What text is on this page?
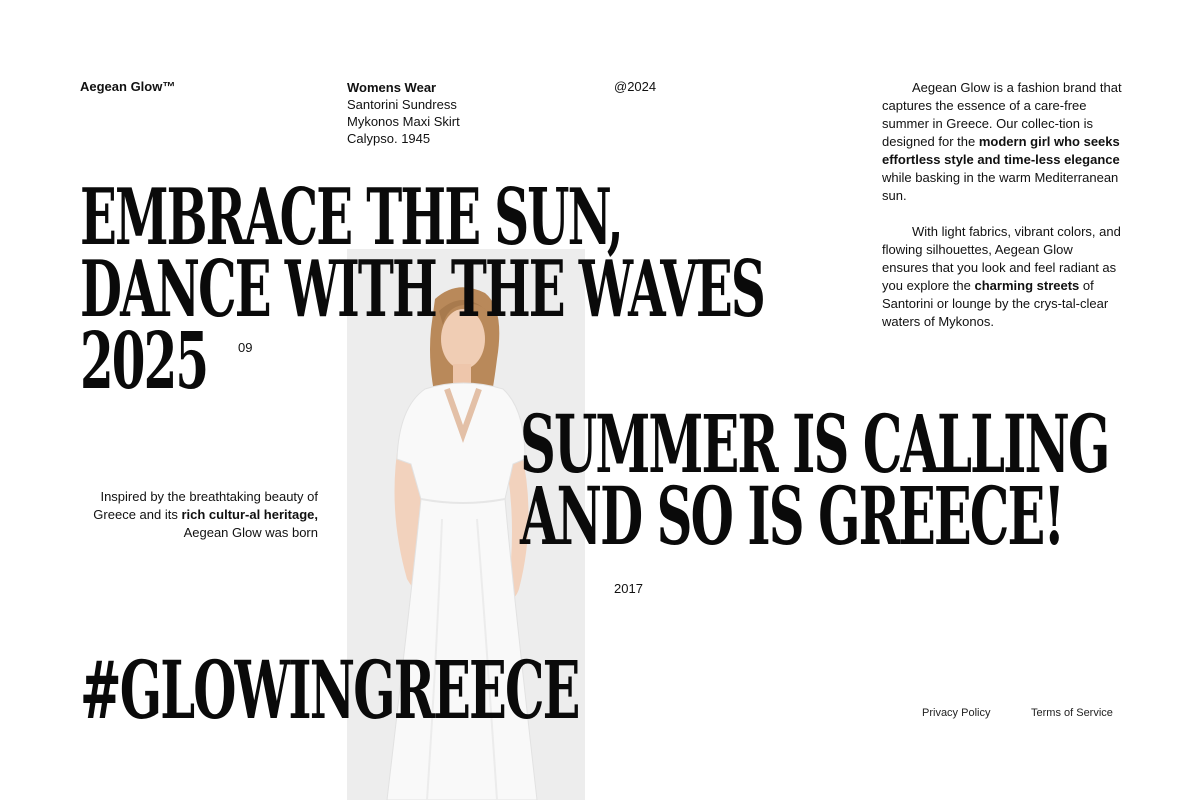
Aegean Glow™	Womens Wear
Santorini Sundress
Mykonos Maxi Skirt
Calypso. 1945
@2024	Aegean Glow is a fashion brand that captures the essence of a care-free summer in Greece. Our collec-tion is designed for the modern girl who seeks effortless style and time-less elegance while basking in the warm Mediterranean sun.

With light fabrics, vibrant colors, and flowing silhouettes, Aegean Glow ensures that you look and feel radiant as you explore the charming streets of Santorini or lounge by the crys-tal-clear waters of Mykonos.

EMBRACE THE SUN,
DANCE WITH THE WAVES
2025	09
SUMMER IS CALLING
AND SO IS GREECE!
2017
Inspired by the breathtaking beauty of Greece and its rich cultur-al heritage, Aegean Glow was born
#GLOWINGREECE	Privacy Policy	Terms of Service
